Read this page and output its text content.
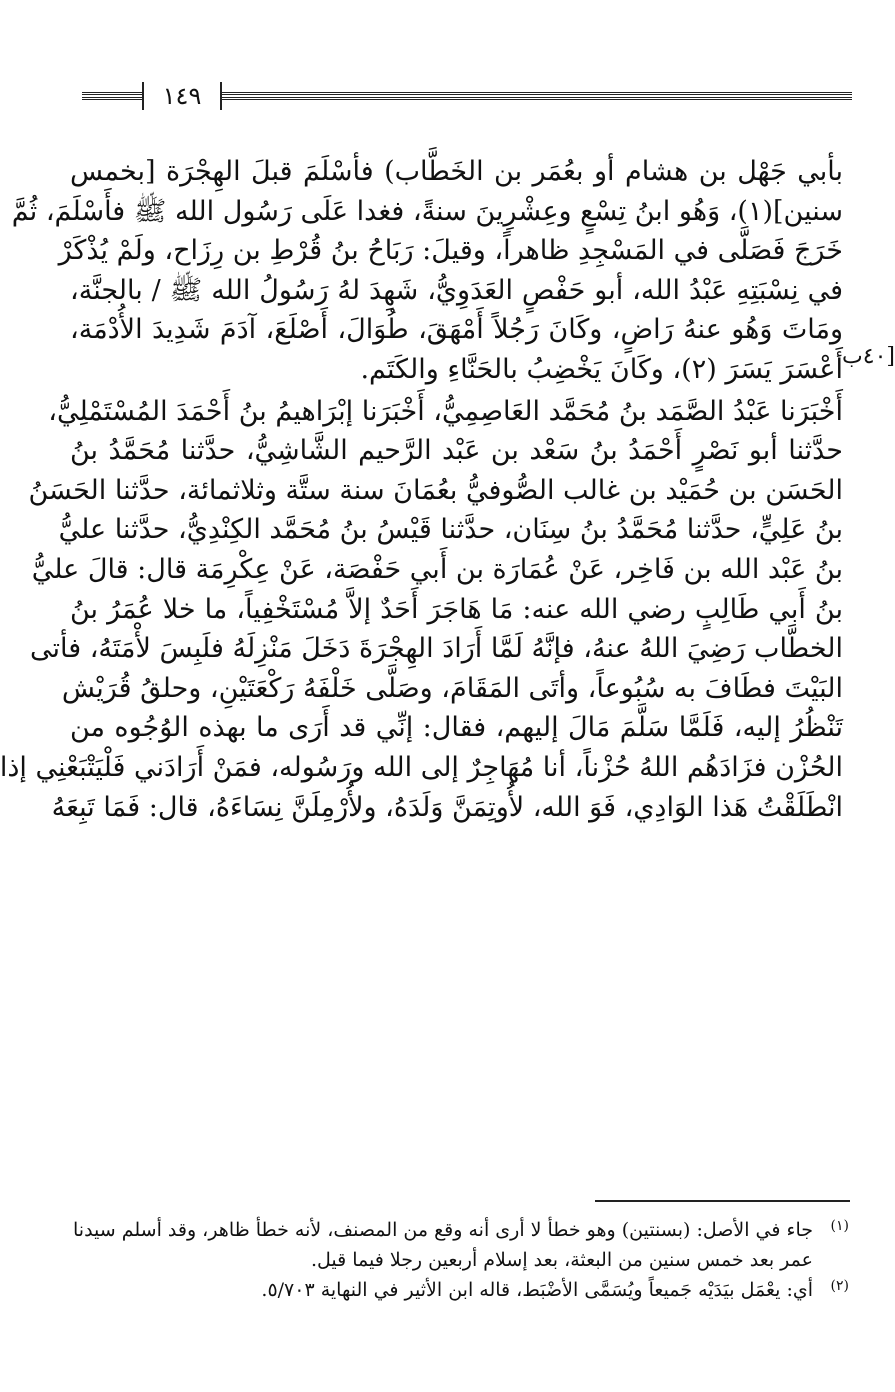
١٤٩
[٤٠ب
بأبي جَهْل بن هشام أو بعُمَر بن الخَطَّاب) فأسْلَمَ قبلَ الهِجْرَة [بخمس
سنين](١)، وَهُو ابنُ تِسْعٍ وعِشْرِينَ سنةً، فغدا عَلَى رَسُول الله ﷺ فأَسْلَمَ، ثُمَّ
خَرَجَ فَصَلَّى في المَسْجِدِ ظاهراً، وقيلَ: رَبَاحُ بنُ قُرْطِ بن رِزَاح، ولَمْ يُذْكَرْ
في نِسْبَتِهِ عَبْدُ الله، أبو حَفْصٍ العَدَوِيُّ، شَهِدَ لهُ رَسُولُ الله ﷺ / بالجنَّة،
ومَاتَ وَهُو عنهُ رَاضٍ، وكَانَ رَجُلاً أَمْهَقَ، طُوَالَ، أَصْلَعَ، آدَمَ شَدِيدَ الأُدْمَة،
أَعْسَرَ يَسَرَ (٢)، وكَانَ يَخْضِبُ بالحَنَّاءِ والكَتَم.
أَخْبَرَنا عَبْدُ الصَّمَد بنُ مُحَمَّد العَاصِمِيُّ، أَخْبَرَنا إبْرَاهيمُ بنُ أَحْمَدَ المُسْتَمْلِيُّ،
حدَّثنا أبو نَصْرٍ أَحْمَدُ بنُ سَعْد بن عَبْد الرَّحيم الشَّاشِيُّ، حدَّثنا مُحَمَّدُ بنُ
الحَسَن بن حُمَيْد بن غالب الصُّوفيُّ بعُمَانَ سنة ستَّة وثلاثمائة، حدَّثنا الحَسَنُ
بنُ عَلِيٍّ، حدَّثنا مُحَمَّدُ بنُ سِنَان، حدَّثنا قَيْسُ بنُ مُحَمَّد الكِنْدِيُّ، حدَّثنا عليُّ
بنُ عَبْد الله بن فَاخِر، عَنْ عُمَارَة بن أَبي حَفْصَة، عَنْ عِكْرِمَة قال: قالَ عليُّ
بنُ أَبي طَالِبٍ رضي الله عنه: مَا هَاجَرَ أَحَدٌ إلاَّ مُسْتَخْفِياً، ما خلا عُمَرُ بنُ
الخطَّاب رَضِيَ اللهُ عنهُ، فإنَّهُ لَمَّا أَرَادَ الهِجْرَةَ دَخَلَ مَنْزِلَهُ فلَبِسَ لأْمَتَهُ، فأتى
البَيْتَ فطَافَ به سُبُوعاً، وأتَى المَقَامَ، وصَلَّى خَلْفَهُ رَكْعَتَيْنِ، وحلقُ قُرَيْش
تَنْظُرُ إليه، فَلَمَّا سَلَّمَ مَالَ إليهم، فقال: إنِّي قد أَرَى ما بهذه الوُجُوه من
الحُزْن فزَادَهُم اللهُ حُزْناً، أنا مُهَاجِرٌ إلى الله ورَسُوله، فمَنْ أَرَادَني فَلْيَتْبَعْنِي إذا
انْطَلَقْتُ هَذا الوَادِي، فَوَ الله، لأُوتِمَنَّ وَلَدَهُ، ولأُرْمِلَنَّ نِسَاءَهُ، قال: فَمَا تَبِعَهُ
(١)
جاء في الأصل: (بسنتين) وهو خطأ لا أرى أنه وقع من المصنف، لأنه خطأ ظاهر، وقد أسلم سيدنا
عمر بعد خمس سنين من البعثة، بعد إسلام أربعين رجلا فيما قيل.
(٢)
أي: يعْمَل بيَدَيْه جَميعاً ويُسَمَّى الأضْبَط، قاله ابن الأثير في النهاية ٥/٧٠٣.
